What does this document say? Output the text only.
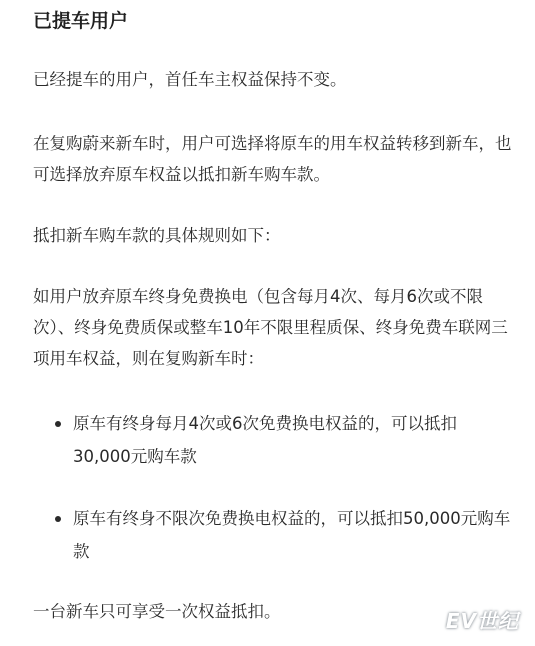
已提车用户

已经提车的用户，首任车主权益保持不变。

在复购蔚来新车时，用户可选择将原车的用车权益转移到新车，也可选择放弃原车权益以抵扣新车购车款。

抵扣新车购车款的具体规则如下：

如用户放弃原车终身免费换电（包含每月4次、每月6次或不限次）、终身免费质保或整车10年不限里程质保、终身免费车联网三项用车权益，则在复购新车时：

原车有终身每月4次或6次免费换电权益的，可以抵扣30,000元购车款
原车有终身不限次免费换电权益的，可以抵扣50,000元购车款

一台新车只可享受一次权益抵扣。	EV世纪
